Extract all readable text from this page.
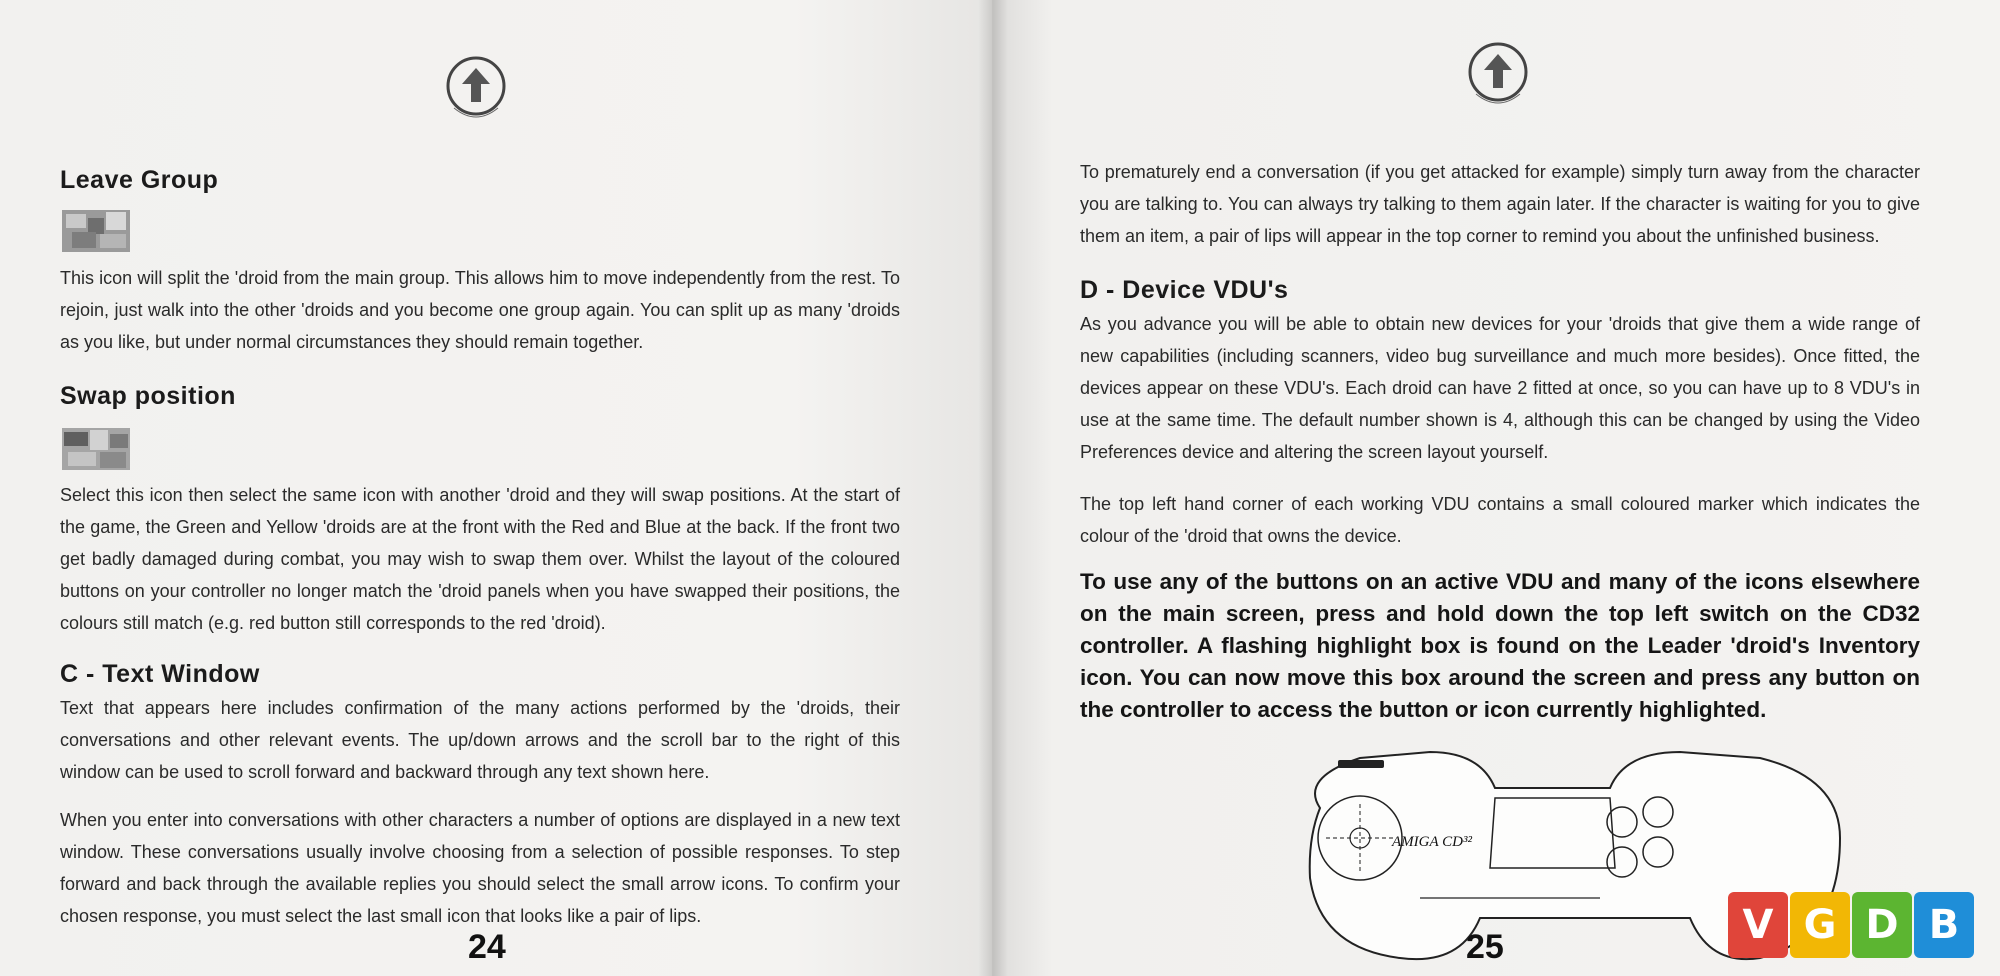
Leave Group
This icon will split the 'droid from the main group. This allows him to move independently from the rest. To rejoin, just walk into the other 'droids and you become one group again. You can split up as many 'droids as you like, but under normal circumstances they should remain together.
Swap position
Select this icon then select the same icon with another 'droid and they will swap positions. At the start of the game, the Green and Yellow 'droids are at the front with the Red and Blue at the back. If the front two get badly damaged during combat, you may wish to swap them over. Whilst the layout of the coloured buttons on your controller no longer match the 'droid panels when you have swapped their positions, the colours still match (e.g. red button still corresponds to the red 'droid).
C - Text Window
Text that appears here includes confirmation of the many actions performed by the 'droids, their conversations and other relevant events. The up/down arrows and the scroll bar to the right of this window can be used to scroll forward and backward through any text shown here.
When you enter into conversations with other characters a number of options are displayed in a new text window. These conversations usually involve choosing from a selection of possible responses. To step forward and back through the available replies you should select the small arrow icons. To confirm your chosen response, you must select the last small icon that looks like a pair of lips.
24
To prematurely end a conversation (if you get attacked for example) simply turn away from the character you are talking to. You can always try talking to them again later. If the character is waiting for you to give them an item, a pair of lips will appear in the top corner to remind you about the unfinished business.
D - Device VDU's
As you advance you will be able to obtain new devices for your 'droids that give them a wide range of new capabilities (including scanners, video bug surveillance and much more besides). Once fitted, the devices appear on these VDU's. Each droid can have 2 fitted at once, so you can have up to 8 VDU's in use at the same time. The default number shown is 4, although this can be changed by using the Video Preferences device and altering the screen layout yourself.
The top left hand corner of each working VDU contains a small coloured marker which indicates the colour of the 'droid that owns the device.
To use any of the buttons on an active VDU and many of the icons elsewhere on the main screen, press and hold down the top left switch on the CD32 controller. A flashing highlight box is found on the Leader 'droid's Inventory icon. You can now move this box around the screen and press any button on the controller to access the button or icon currently highlighted.
AMIGA CD³²
25	V G D B
